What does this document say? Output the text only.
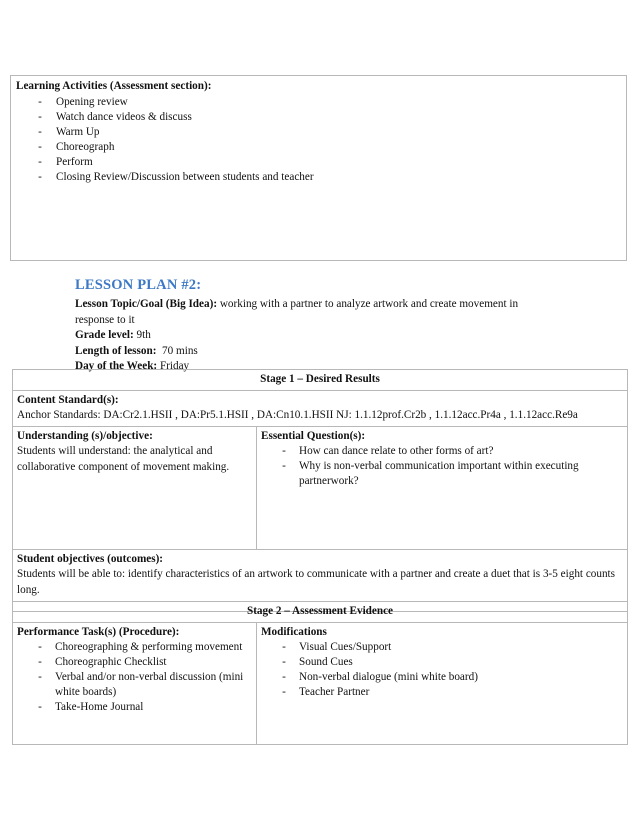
Learning Activities (Assessment section):
-	Opening review
-	Watch dance videos & discuss
-	Warm Up
-	Choreograph
-	Perform
-	Closing Review/Discussion between students and teacher
LESSON PLAN #2:
Lesson Topic/Goal (Big Idea): working with a partner to analyze artwork and create movement in
response to it
Grade level: 9th
Length of lesson:  70 mins
Day of the Week: Friday
Stage 1 – Desired Results

Content Standard(s):
Anchor Standards: DA:Cr2.1.HSII , DA:Pr5.1.HSII , DA:Cn10.1.HSII NJ: 1.1.12prof.Cr2b , 1.1.12acc.Pr4a , 1.1.12acc.Re9a

Understanding (s)/objective:
Students will understand: the analytical and collaborative component of movement making.

Essential Question(s):
-	How can dance relate to other forms of art?
-	Why is non-verbal communication important within executing partnerwork?

Student objectives (outcomes):
Students will be able to: identify characteristics of an artwork to communicate with a partner and create a duet that is 3-5 eight counts long.
Stage 2 – Assessment Evidence

Performance Task(s) (Procedure):
-	Choreographing & performing movement
-	Choreographic Checklist
-	Verbal and/or non-verbal discussion (mini white boards)
-	Take-Home Journal

Modifications
-	Visual Cues/Support
-	Sound Cues
-	Non-verbal dialogue (mini white board)
-	Teacher Partner
